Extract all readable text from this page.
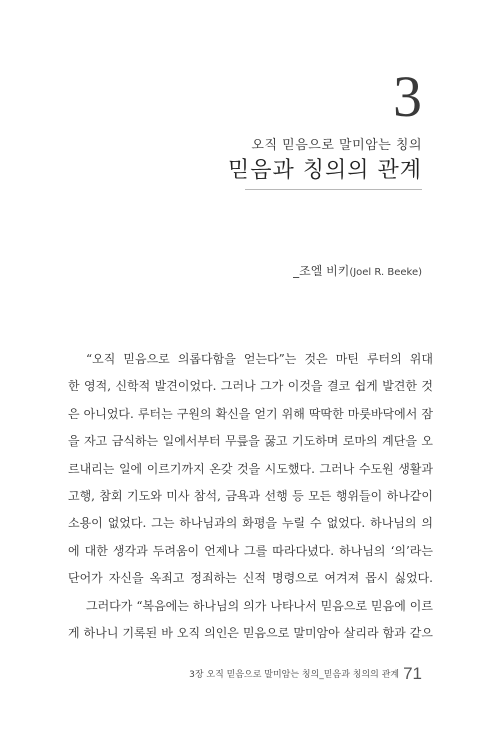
3
오직 믿음으로 말미암는 칭의
믿음과 칭의의 관계
_조엘 비키(Joel R. Beeke)
“오직 믿음으로 의롭다함을 얻는다”는 것은 마틴 루터의 위대
한 영적, 신학적 발견이었다. 그러나 그가 이것을 결코 쉽게 발견한 것
은 아니었다. 루터는 구원의 확신을 얻기 위해 딱딱한 마룻바닥에서 잠
을 자고 금식하는 일에서부터 무릎을 꿇고 기도하며 로마의 계단을 오
르내리는 일에 이르기까지 온갖 것을 시도했다. 그러나 수도원 생활과
고행, 참회 기도와 미사 참석, 금욕과 선행 등 모든 행위들이 하나같이
소용이 없었다. 그는 하나님과의 화평을 누릴 수 없었다. 하나님의 의
에 대한 생각과 두려움이 언제나 그를 따라다녔다. 하나님의 ‘의’라는
단어가 자신을 옥죄고 정죄하는 신적 명령으로 여겨져 몹시 싫었다.
그러다가 “복음에는 하나님의 의가 나타나서 믿음으로 믿음에 이르
게 하나니 기록된 바 오직 의인은 믿음으로 말미암아 살리라 함과 같으
3장 오직 믿음으로 말미암는 칭의_믿음과 칭의의 관계 71
